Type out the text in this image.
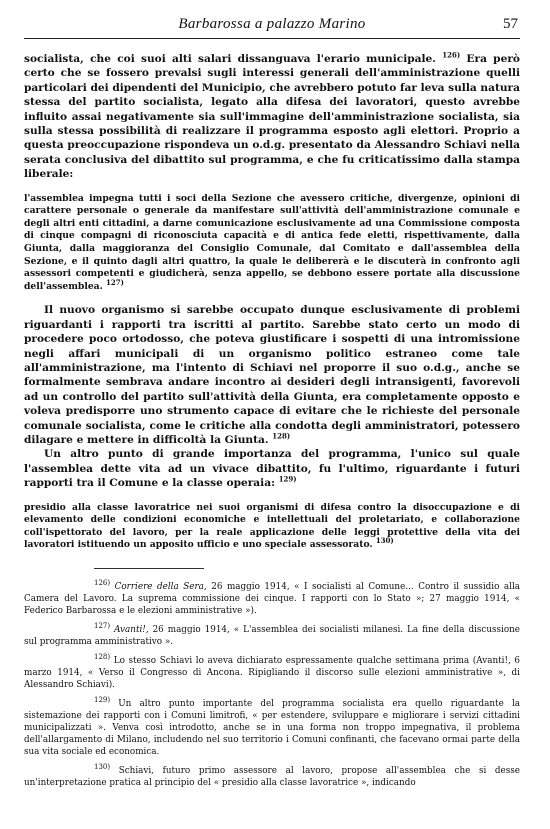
Barbarossa a palazzo Marino	57

socialista, che coi suoi alti salari dissanguava l'erario municipale. $^{126)}$ Era però certo che se fossero prevalsi sugli interessi generali dell'amministrazione quelli particolari dei dipendenti del Municipio, che avrebbero potuto far leva sulla natura stessa del partito socialista, legato alla difesa dei lavoratori, questo avrebbe influito assai negativamente sia sull'immagine dell'amministrazione socialista, sia sulla stessa possibilità di realizzare il programma esposto agli elettori. Proprio a questa preoccupazione rispondeva un o.d.g. presentato da Alessandro Schiavi nella serata conclusiva del dibattito sul programma, e che fu criticatissimo dalla stampa liberale:

l'assemblea impegna tutti i soci della Sezione che avessero critiche, divergenze, opinioni di carattere personale o generale da manifestare sull'attività dell'amministrazione comunale e degli altri enti cittadini, a darne comunicazione esclusivamente ad una Commissione composta di cinque compagni di riconosciuta capacità e di antica fede eletti, rispettivamente, dalla Giunta, dalla maggioranza del Consiglio Comunale, dal Comitato e dall'assemblea della Sezione, e il quinto dagli altri quattro, la quale le delibererà e le discuterà in confronto agli assessori competenti e giudicherà, senza appello, se debbono essere portate alla discussione dell'assemblea. $^{127)}$

Il nuovo organismo si sarebbe occupato dunque esclusivamente di problemi riguardanti i rapporti tra iscritti al partito. Sarebbe stato certo un modo di procedere poco ortodosso, che poteva giustificare i sospetti di una intromissione negli affari municipali di un organismo politico estraneo come tale all'amministrazione, ma l'intento di Schiavi nel proporre il suo o.d.g., anche se formalmente sembrava andare incontro ai desideri degli intransigenti, favorevoli ad un controllo del partito sull'attività della Giunta, era completamente opposto e voleva predisporre uno strumento capace di evitare che le richieste del personale comunale socialista, come le critiche alla condotta degli amministratori, potessero dilagare e mettere in difficoltà la Giunta. $^{128)}$

Un altro punto di grande importanza del programma, l'unico sul quale l'assemblea dette vita ad un vivace dibattito, fu l'ultimo, riguardante i futuri rapporti tra il Comune e la classe operaia: $^{129)}$

presidio alla classe lavoratrice nei suoi organismi di difesa contro la disoccupazione e di elevamento delle condizioni economiche e intellettuali del proletariato, e collaborazione coll'ispettorato del lavoro, per la reale applicazione delle leggi protettive della vita dei lavoratori istituendo un apposito ufficio e uno speciale assessorato. $^{130)}$

$^{126)}$ Corriere della Sera, 26 maggio 1914, « I socialisti al Comune... Contro il sussidio alla Camera del Lavoro. La suprema commissione dei cinque. I rapporti con lo Stato »; 27 maggio 1914, « Federico Barbarossa e le elezioni amministrative »).

$^{127)}$ Avanti!, 26 maggio 1914, « L'assemblea dei socialisti milanesi. La fine della discussione sul programma amministrativo ».

$^{128)}$ Lo stesso Schiavi lo aveva dichiarato espressamente qualche settimana prima (Avanti!, 6 marzo 1914, « Verso il Congresso di Ancona. Ripigliando il discorso sulle elezioni amministrative », di Alessandro Schiavi).

$^{129)}$ Un altro punto importante del programma socialista era quello riguardante la sistemazione dei rapporti con i Comuni limitrofi, « per estendere, sviluppare e migliorare i servizi cittadini municipalizzati ». Venva così introdotto, anche se in una forma non troppo impegnativa, il problema dell'allargamento di Milano, includendo nel suo territorio i Comuni confinanti, che facevano ormai parte della sua vita sociale ed economica.

$^{130)}$ Schiavi, futuro primo assessore al lavoro, propose all'assemblea che si desse un'interpretazione pratica al principio del « presidio alla classe lavoratrice », indicando
